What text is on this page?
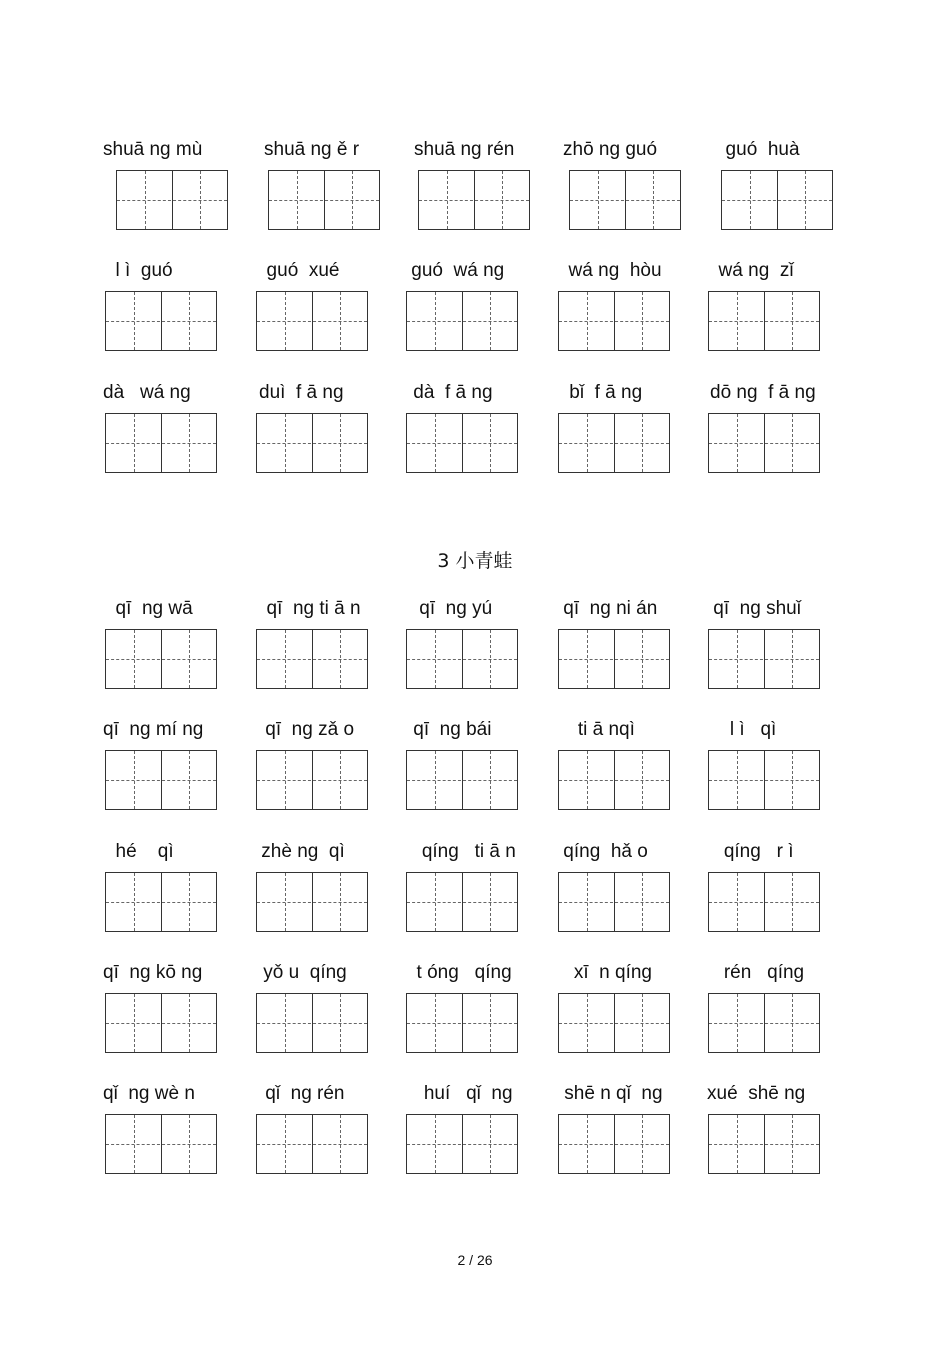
shuā ng mù	shuā ng ě r	shuā ng rén	zhō ng guó	guó  huà
l ì  guó	guó  xué	guó  wá ng	wá ng  hòu	wá ng  zǐ
dà   wá ng	duì  f ā ng	dà  f ā ng	bǐ  f ā ng	dō ng  f ā ng
3 小青蛙
qī  ng wā	qī  ng ti ā n	qī  ng yú	qī  ng ni án	qī  ng shuǐ
qī  ng mí ng	qī  ng zǎ o	qī  ng bái	ti ā nqì	l ì   qì
hé    qì	zhè ng  qì	qíng   ti ā n	qíng  hǎ o	qíng   r ì
qī  ng kō ng	yǒ u  qíng	t óng   qíng	xī  n qíng	rén   qíng
qǐ  ng wè n	qǐ  ng rén	huí   qǐ  ng	shē n qǐ  ng	xué  shē ng
2 / 26
